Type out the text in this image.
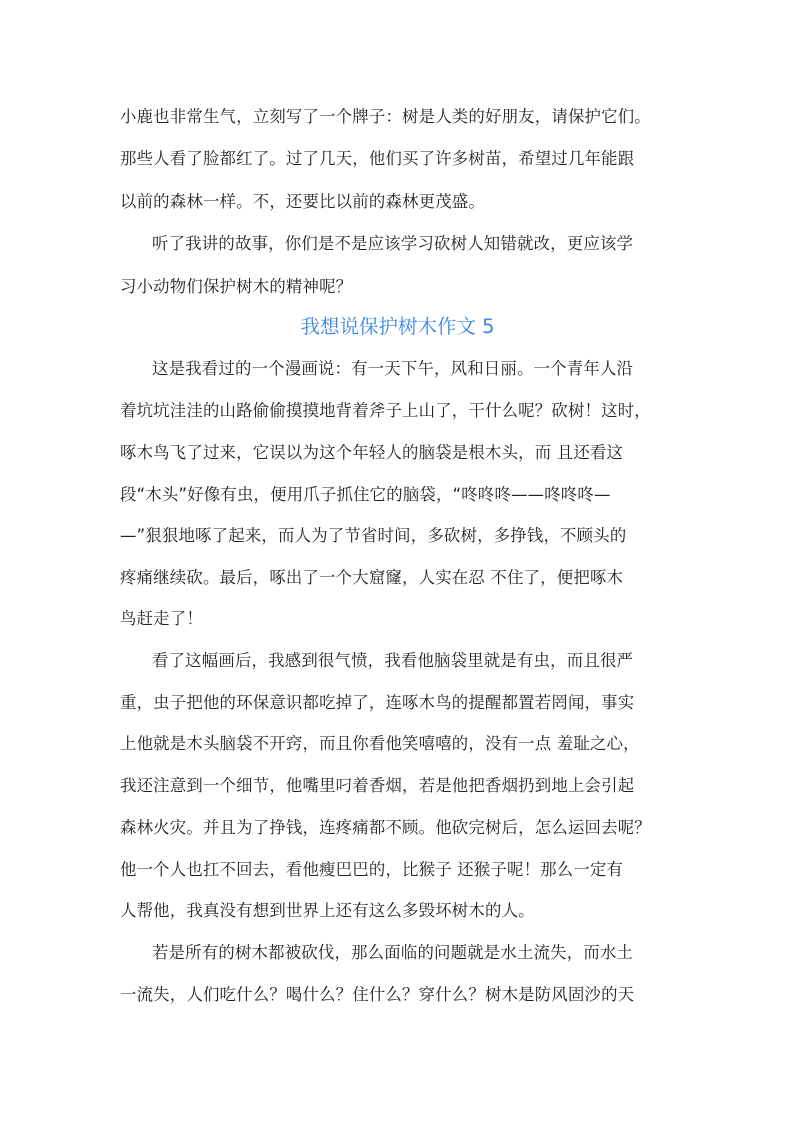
小鹿也非常生气，立刻写了一个牌子：树是人类的好朋友，请保护它们。
那些人看了脸都红了。过了几天，他们买了许多树苗，希望过几年能跟
以前的森林一样。不，还要比以前的森林更茂盛。
听了我讲的故事，你们是不是应该学习砍树人知错就改，更应该学
习小动物们保护树木的精神呢？
我想说保护树木作文 5
这是我看过的一个漫画说：有一天下午，风和日丽。一个青年人沿
着坑坑洼洼的山路偷偷摸摸地背着斧子上山了，干什么呢？砍树！这时，
啄木鸟飞了过来，它误以为这个年轻人的脑袋是根木头，而 且还看这
段“木头”好像有虫，便用爪子抓住它的脑袋，“咚咚咚——咚咚咚—
—”狠狠地啄了起来，而人为了节省时间，多砍树，多挣钱，不顾头的
疼痛继续砍。最后，啄出了一个大窟窿，人实在忍 不住了，便把啄木
鸟赶走了！
看了这幅画后，我感到很气愤，我看他脑袋里就是有虫，而且很严
重，虫子把他的环保意识都吃掉了，连啄木鸟的提醒都置若罔闻，事实
上他就是木头脑袋不开窍，而且你看他笑嘻嘻的，没有一点 羞耻之心，
我还注意到一个细节，他嘴里叼着香烟，若是他把香烟扔到地上会引起
森林火灾。并且为了挣钱，连疼痛都不顾。他砍完树后，怎么运回去呢？
他一个人也扛不回去，看他瘦巴巴的，比猴子 还猴子呢！那么一定有
人帮他，我真没有想到世界上还有这么多毁坏树木的人。
若是所有的树木都被砍伐，那么面临的问题就是水土流失，而水土
一流失，人们吃什么？喝什么？住什么？穿什么？树木是防风固沙的天
